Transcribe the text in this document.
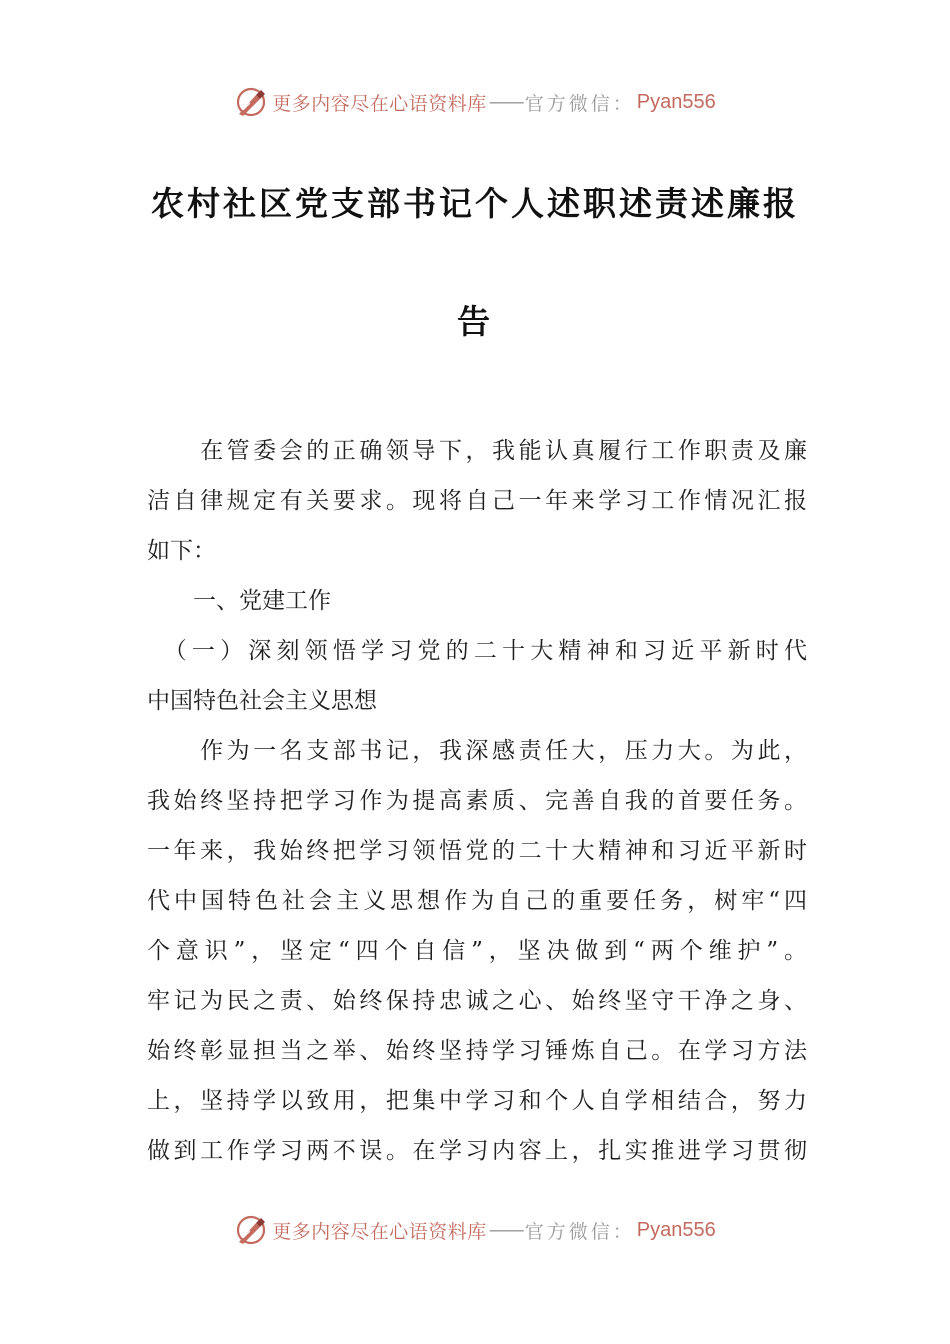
更多内容尽在心语资料库 —— 官方微信： Pyan556
农村社区党支部书记个人述职述责述廉报
告
　　在管委会的正确领导下，我能认真履行工作职责及廉
洁自律规定有关要求。现将自己一年来学习工作情况汇报
如下：
　　一、党建工作
　（一）深刻领悟学习党的二十大精神和习近平新时代
中国特色社会主义思想
　　作为一名支部书记，我深感责任大，压力大。为此，
我始终坚持把学习作为提高素质、完善自我的首要任务。
一年来，我始终把学习领悟党的二十大精神和习近平新时
代中国特色社会主义思想作为自己的重要任务，树牢“四
个意识”，坚定“四个自信”，坚决做到“两个维护”。
牢记为民之责、始终保持忠诚之心、始终坚守干净之身、
始终彰显担当之举、始终坚持学习锤炼自己。在学习方法
上，坚持学以致用，把集中学习和个人自学相结合，努力
做到工作学习两不误。在学习内容上，扎实推进学习贯彻
更多内容尽在心语资料库 —— 官方微信： Pyan556
